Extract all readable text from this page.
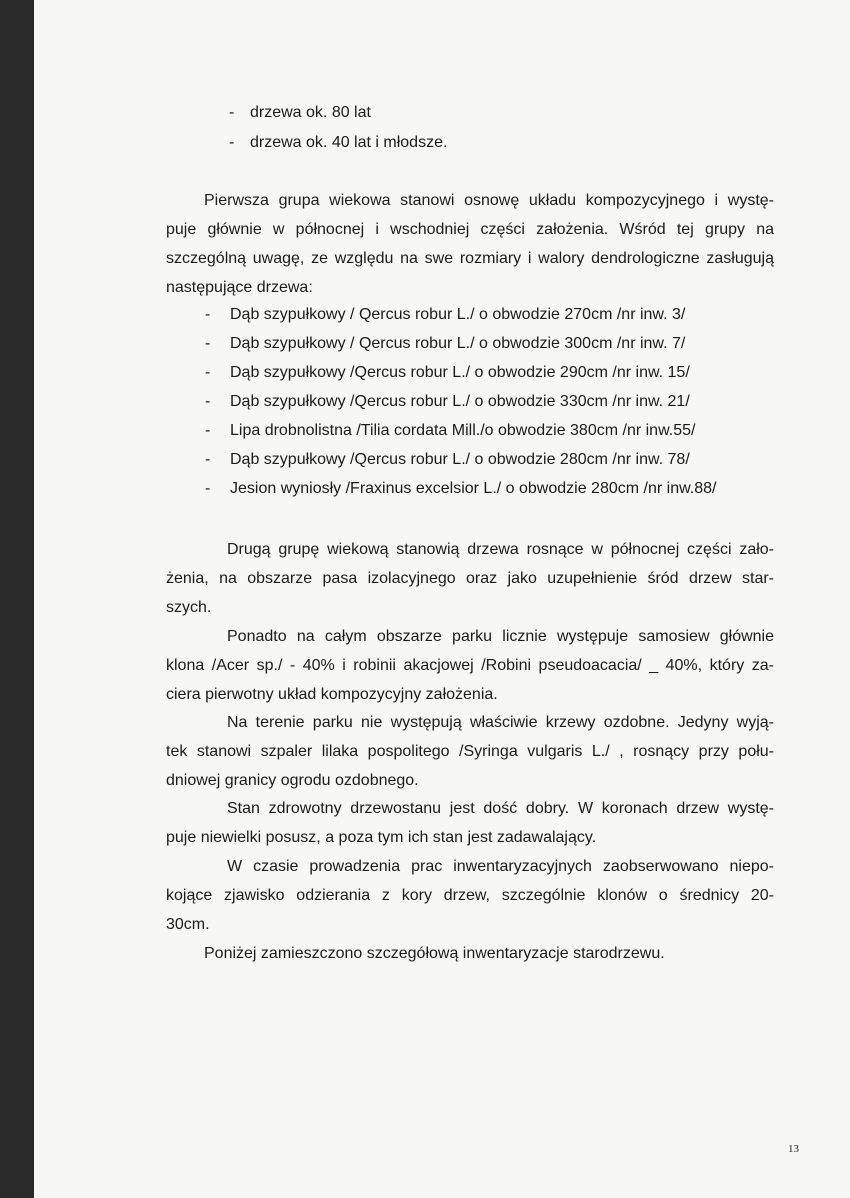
- drzewa ok. 80 lat
- drzewa ok. 40 lat i młodsze.
Pierwsza grupa wiekowa stanowi osnowę układu kompozycyjnego i wystę-
puje głównie w północnej i wschodniej części założenia. Wśród tej grupy na
szczególną uwagę, ze względu na swe rozmiary i walory dendrologiczne zasługują
następujące drzewa:
- Dąb szypułkowy / Qercus robur L./ o obwodzie 270cm /nr inw. 3/
- Dąb szypułkowy / Qercus robur L./ o obwodzie 300cm /nr inw. 7/
- Dąb szypułkowy /Qercus robur L./ o obwodzie 290cm /nr inw. 15/
- Dąb szypułkowy /Qercus robur L./ o obwodzie 330cm /nr inw. 21/
- Lipa drobnolistna /Tilia cordata Mill./o obwodzie 380cm /nr inw.55/
- Dąb szypułkowy /Qercus robur L./ o obwodzie 280cm /nr inw. 78/
- Jesion wyniosły /Fraxinus excelsior L./ o obwodzie 280cm /nr inw.88/
Drugą grupę wiekową stanowią drzewa rosnące w północnej części zało-
żenia, na obszarze pasa izolacyjnego oraz jako uzupełnienie śród drzew star-
szych.
Ponadto na całym obszarze parku licznie występuje samosiew głównie
klona /Acer sp./ - 40% i robinii akacjowej /Robini pseudoacacia/ _ 40%, który za-
ciera pierwotny układ kompozycyjny założenia.
Na terenie parku nie występują właściwie krzewy ozdobne. Jedyny wyją-
tek stanowi szpaler lilaka pospolitego /Syringa vulgaris L./ , rosnący przy połu-
dniowej granicy ogrodu ozdobnego.
Stan zdrowotny drzewostanu jest dość dobry. W koronach drzew wystę-
puje niewielki posusz, a poza tym ich stan jest zadawalający.
W czasie prowadzenia prac inwentaryzacyjnych zaobserwowano niepo-
kojące zjawisko odzierania z kory drzew, szczególnie klonów o średnicy 20-
30cm.
Poniżej zamieszczono szczegółową inwentaryzacje starodrzewu.
13
